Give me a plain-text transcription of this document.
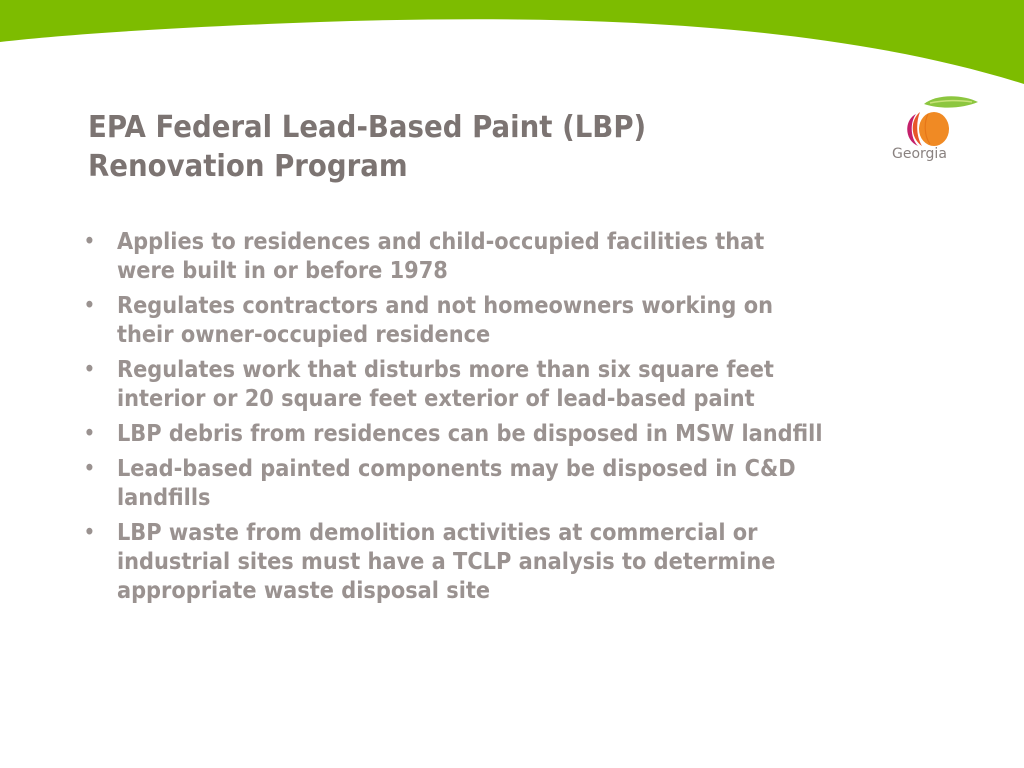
Georgia
EPA Federal Lead-Based Paint (LBP)
Renovation Program
• Applies to residences and child-occupied facilities that
were built in or before 1978
• Regulates contractors and not homeowners working on
their owner-occupied residence
• Regulates work that disturbs more than six square feet
interior or 20 square feet exterior of lead-based paint
• LBP debris from residences can be disposed in MSW landfill
• Lead-based painted components may be disposed in C&D
landfills
• LBP waste from demolition activities at commercial or
industrial sites must have a TCLP analysis to determine
appropriate waste disposal site
